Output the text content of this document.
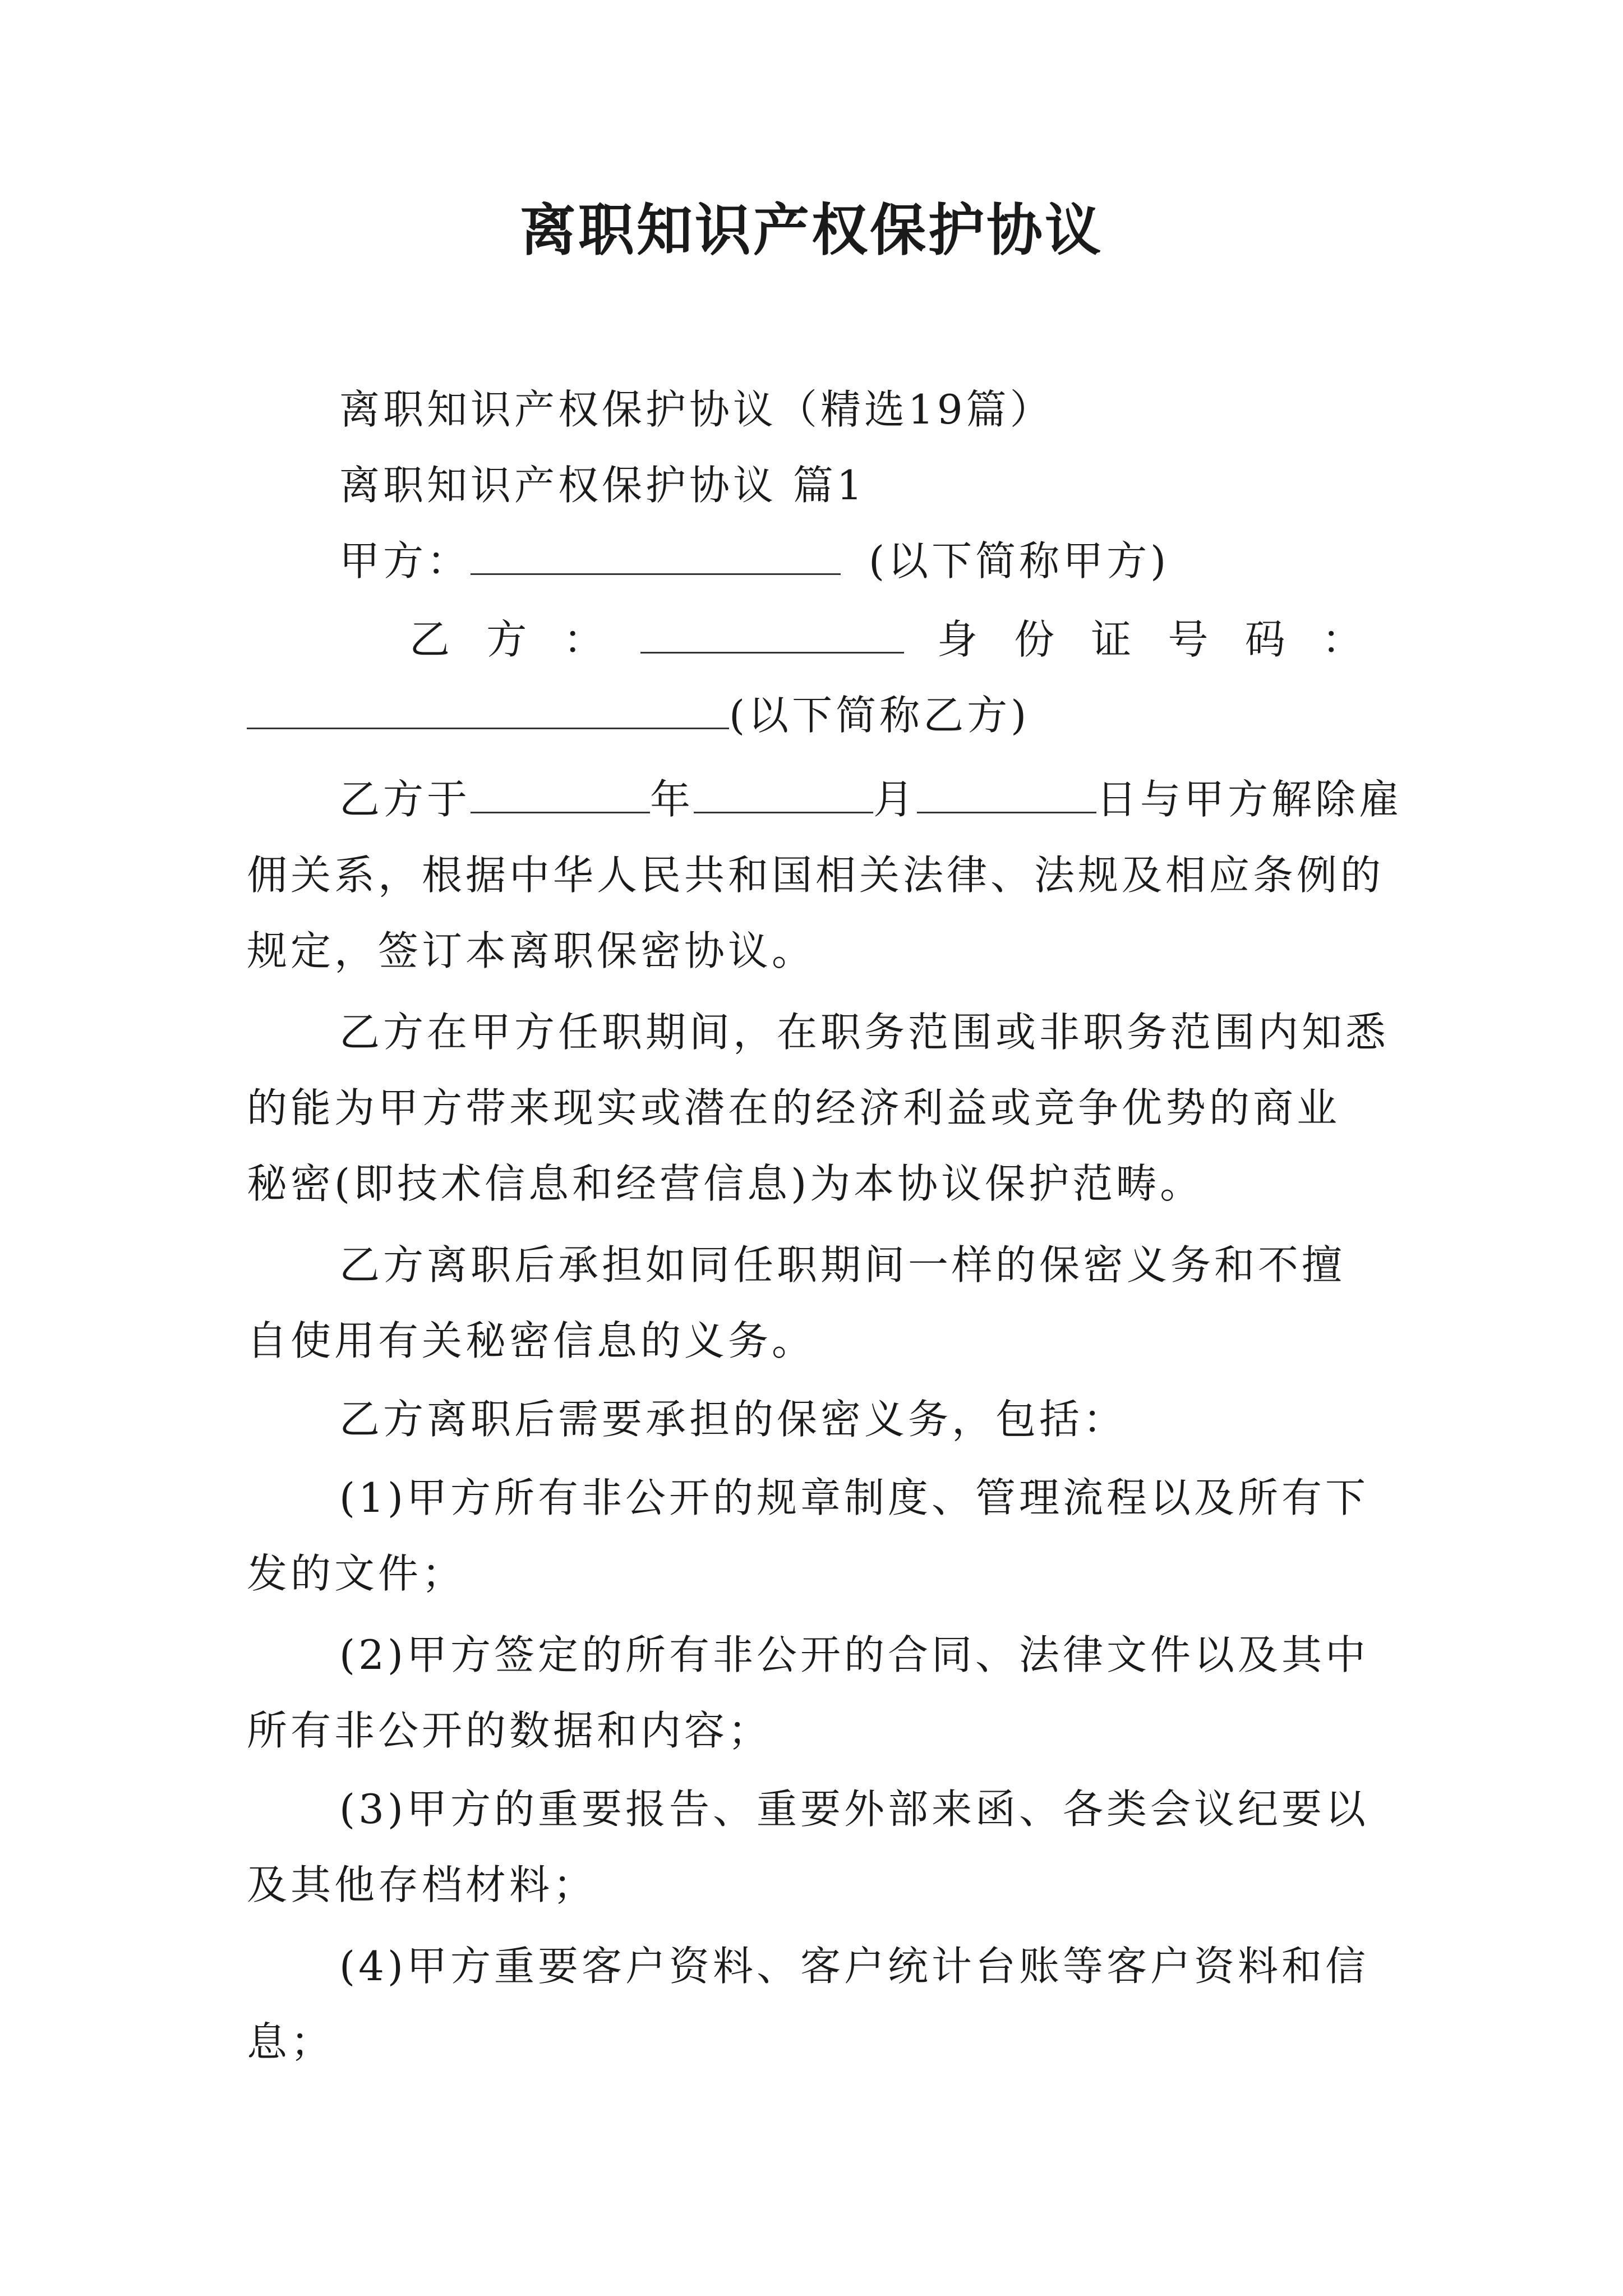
离职知识产权保护协议
离职知识产权保护协议（精选19篇）
离职知识产权保护协议 篇1
甲方：	(以下简称甲方)
乙 方 ：	身 份 证 号 码 ：
(以下简称乙方)
乙方于	年	月	日与甲方解除雇
佣关系，根据中华人民共和国相关法律、法规及相应条例的
规定，签订本离职保密协议。
乙方在甲方任职期间，在职务范围或非职务范围内知悉
的能为甲方带来现实或潜在的经济利益或竞争优势的商业
秘密(即技术信息和经营信息)为本协议保护范畴。
乙方离职后承担如同任职期间一样的保密义务和不擅
自使用有关秘密信息的义务。
乙方离职后需要承担的保密义务，包括：
(1)甲方所有非公开的规章制度、管理流程以及所有下
发的文件；
(2)甲方签定的所有非公开的合同、法律文件以及其中
所有非公开的数据和内容；
(3)甲方的重要报告、重要外部来函、各类会议纪要以
及其他存档材料；
(4)甲方重要客户资料、客户统计台账等客户资料和信
息；
